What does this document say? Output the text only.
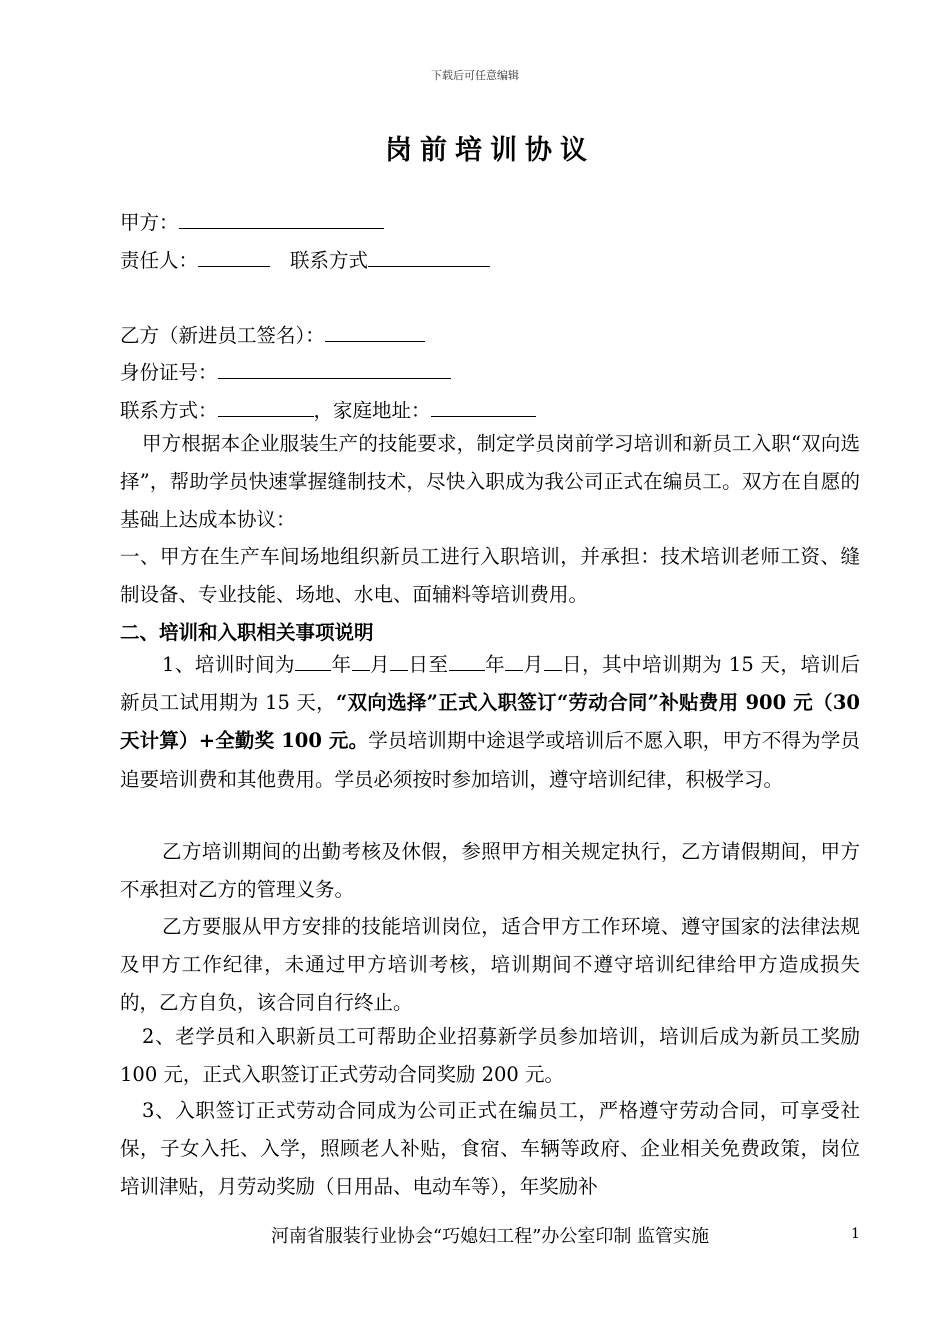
下载后可任意编辑
岗前培训协议
甲方：
责任人：	联系方式
乙方（新进员工签名）：
身份证号：
联系方式：	，家庭地址：
甲方根据本企业服装生产的技能要求，制定学员岗前学习培训和新员工入职“双向选择”，帮助学员快速掌握缝制技术，尽快入职成为我公司正式在编员工。双方在自愿的基础上达成本协议：
一、甲方在生产车间场地组织新员工进行入职培训，并承担：技术培训老师工资、缝制设备、专业技能、场地、水电、面辅料等培训费用。
二、培训和入职相关事项说明
1、培训时间为 年 月 日至 年 月 日，其中培训期为 15 天，培训后新员工试用期为 15 天，“双向选择”正式入职签订“劳动合同”补贴费用 900 元（30 天计算）+全勤奖 100 元。学员培训期中途退学或培训后不愿入职，甲方不得为学员追要培训费和其他费用。学员必须按时参加培训，遵守培训纪律，积极学习。
乙方培训期间的出勤考核及休假，参照甲方相关规定执行，乙方请假期间，甲方不承担对乙方的管理义务。
乙方要服从甲方安排的技能培训岗位，适合甲方工作环境、遵守国家的法律法规及甲方工作纪律，未通过甲方培训考核，培训期间不遵守培训纪律给甲方造成损失的，乙方自负，该合同自行终止。
2、老学员和入职新员工可帮助企业招募新学员参加培训，培训后成为新员工奖励 100 元，正式入职签订正式劳动合同奖励 200 元。
3、入职签订正式劳动合同成为公司正式在编员工，严格遵守劳动合同，可享受社保，子女入托、入学，照顾老人补贴，食宿、车辆等政府、企业相关免费政策，岗位培训津贴，月劳动奖励（日用品、电动车等），年奖励补
河南省服装行业协会“巧媳妇工程”办公室印制 监管实施	1
